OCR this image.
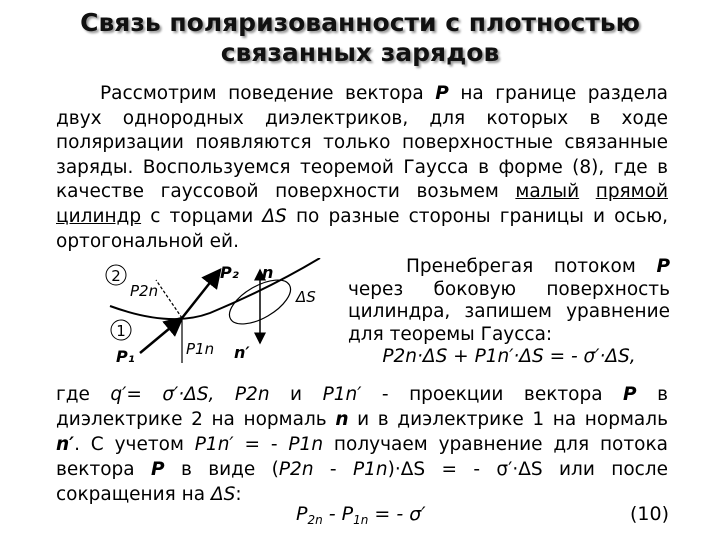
Связь поляризованности с плотностью
связанных зарядов
Рассмотрим поведение вектора P на границе раздела двух однородных диэлектриков, для которых в ходе поляризации появляются только поверхностные связанные заряды. Воспользуемся теоремой Гаусса в форме (8), где в качестве гауссовой поверхности возьмем малый прямой цилиндр с торцами ΔS по разные стороны границы и осью, ортогональной ей.
2
1
P₂ n
P2n	ΔS
P1n n′
P₁
Пренебрегая потоком P
через боковую поверхность
цилиндра, запишем уравнение
для теоремы Гаусса:
P2n·ΔS + P1n′·ΔS = - σ′·ΔS,
где q′= σ′·ΔS, P2n и P1n′ - проекции вектора P в
диэлектрике 2 на нормаль n и в диэлектрике 1 на нормаль
n′. С учетом P1n′ = - P1n получаем уравнение для потока
вектора P в виде (P2n - P1n)·ΔS = - σ′·ΔS или после
сокращения на ΔS:
$P_{2n} - P_{1n}$ = - σ′	(10)
